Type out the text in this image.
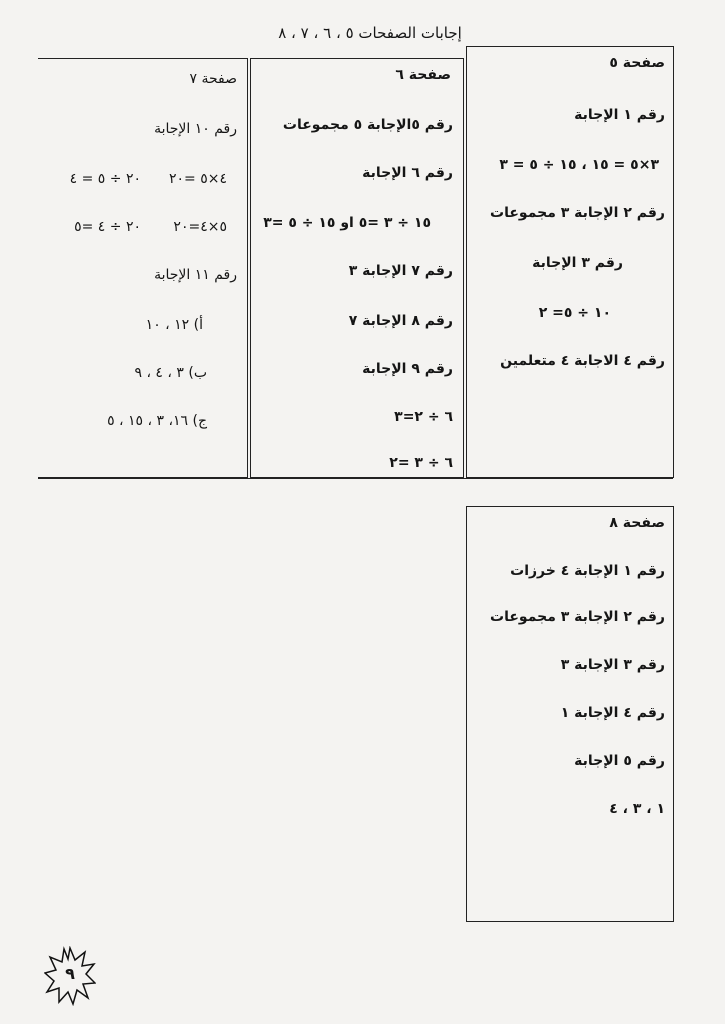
إجابات الصفحات ٥ ، ٦ ، ٧ ، ٨
صفحة ٥
رقم ١ الإجابة
٣×٥ = ١٥ ، ١٥ ÷ ٥ = ٣
رقم ٢ الإجابة ٣ مجموعات
رقم ٣ الإجابة
١٠ ÷ ٥= ٢
رقم ٤ الاجابة ٤ متعلمين
صفحة ٦
رقم ٥الإجابة ٥ مجموعات
رقم ٦ الإجابة
١٥ ÷ ٣ =٥ او ١٥ ÷ ٥ =٣
رقم ٧ الإجابة ٣
رقم ٨ الإجابة ٧
رقم ٩ الإجابة
٦ ÷ ٢=٣
٦ ÷ ٣ =٢
صفحة ٧
رقم ١٠ الإجابة
٤×٥ =٢٠
٢٠ ÷ ٥ = ٤
٥×٤=٢٠
٢٠ ÷ ٤ =٥
رقم ١١ الإجابة
أ) ١٢ ، ١٠
ب) ٣ ، ٤ ، ٩
ج) ١٦، ٣ ، ١٥ ، ٥
صفحة ٨
رقم ١ الإجابة ٤ خرزات
رقم ٢ الإجابة ٣ مجموعات
رقم ٣ الإجابة ٣
رقم ٤ الإجابة ١
رقم ٥ الإجابة
١ ، ٣ ، ٤
٩
